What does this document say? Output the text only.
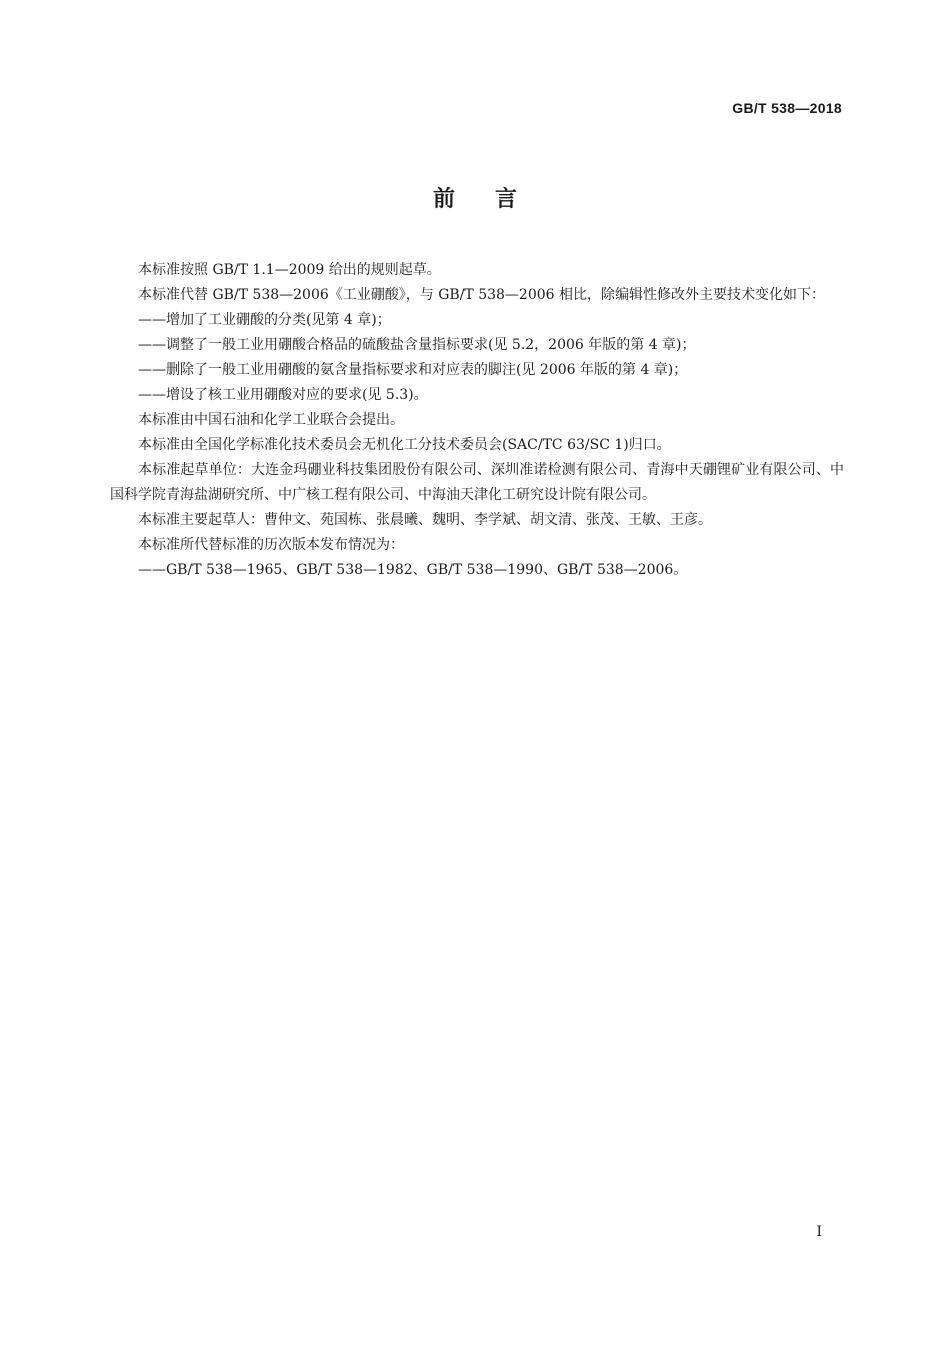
GB/T 538—2018
前言

本标准按照 GB/T 1.1—2009 给出的规则起草。

本标准代替 GB/T 538—2006《工业硼酸》，与 GB/T 538—2006 相比，除编辑性修改外主要技术变化如下：

——增加了工业硼酸的分类(见第 4 章)；

——调整了一般工业用硼酸合格品的硫酸盐含量指标要求(见 5.2，2006 年版的第 4 章)；

——删除了一般工业用硼酸的氨含量指标要求和对应表的脚注(见 2006 年版的第 4 章)；

——增设了核工业用硼酸对应的要求(见 5.3)。

本标准由中国石油和化学工业联合会提出。

本标准由全国化学标准化技术委员会无机化工分技术委员会(SAC/TC 63/SC 1)归口。

本标准起草单位：大连金玛硼业科技集团股份有限公司、深圳准诺检测有限公司、青海中天硼锂矿业有限公司、中国科学院青海盐湖研究所、中广核工程有限公司、中海油天津化工研究设计院有限公司。

本标准主要起草人：曹仲文、苑国栋、张晨曦、魏明、李学斌、胡文清、张茂、王敏、王彦。

本标准所代替标准的历次版本发布情况为：

——GB/T 538—1965、GB/T 538—1982、GB/T 538—1990、GB/T 538—2006。

I
